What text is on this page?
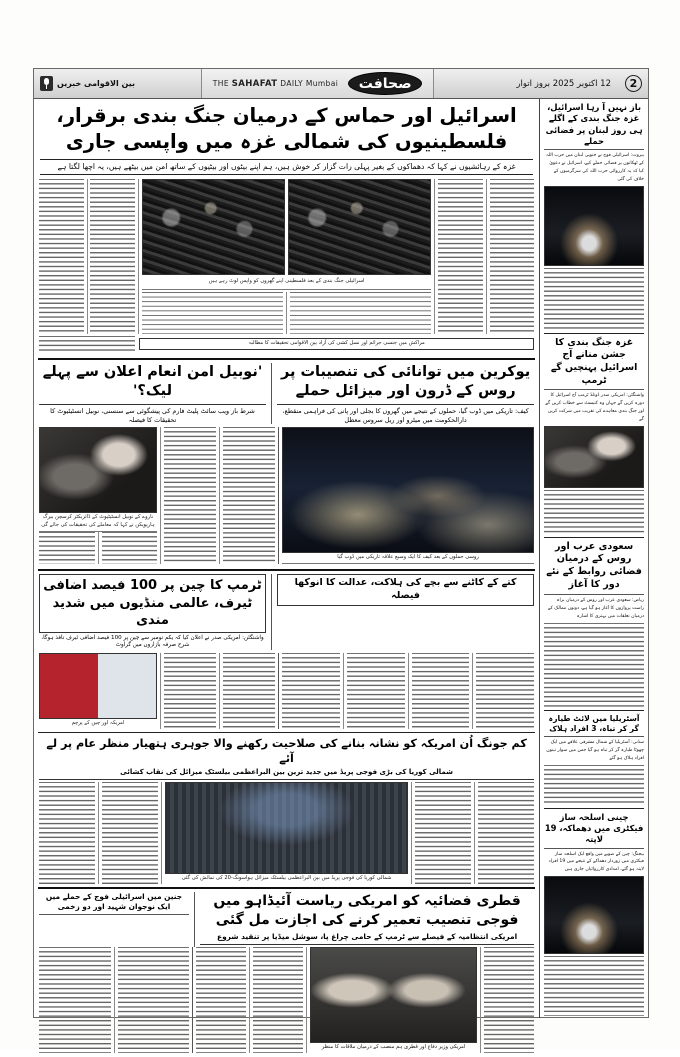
بین الاقوامی خبریں	THE SAHAFAT DAILY Mumbai	صحافت	12 اکتوبر 2025 بروز اتوار	2
اسرائیل اور حماس کے درمیان جنگ بندی برقرار، فلسطینیوں کی شمالی غزہ میں واپسی جاری
غزہ کے رہائشیوں نے کہا کہ دھماکوں کے بغیر پہلی رات گزار کر خوش ہیں، ہم اپنے بیٹوں اور بیٹیوں کے ساتھ امن میں بیٹھے ہیں، یہ اچھا لگتا ہے
اسرائیلی جنگ بندی کے بعد فلسطینی اپنے گھروں کو واپس لوٹ رہے ہیں
مراکش میں جنسی جرائم اور نسل کشی کی آزاد بین الاقوامی تحقیقات کا مطالبہ
'نوبیل امن انعام اعلان سے پہلے لیک؟'
شرط باز ویب سائٹ پلیٹ فارم کی پیشگوئی سے سنسنی، نوبیل انسٹیٹیوٹ کا تحقیقات کا فیصلہ
یوکرین میں توانائی کی تنصیبات پر روس کے ڈرون اور میزائل حملے
کیف: تاریکی میں ڈوب گیا، حملوں کے نتیجے میں گھروں کا بجلی اور پانی کی فراہمی منقطع، دارالحکومت میں میٹرو اور ریل سروس معطل
ناروے کے نوبیل انسٹیٹیوٹ کے ڈائریکٹر کرسچن بیرگ ہارپویکن نے کہا کہ معاملے کی تحقیقات کی جائے گی
روسی حملوں کے بعد کیف کا ایک وسیع علاقہ تاریکی میں ڈوب گیا
ٹرمپ کا چین پر 100 فیصد اضافی ٹیرف، عالمی منڈیوں میں شدید مندی
واشنگٹن: امریکی صدر نے اعلان کیا کہ یکم نومبر سے چین پر 100 فیصد اضافی ٹیرف نافذ ہوگا، شرح صرفہ بازاروں میں گراوٹ
کتے کے کاٹنے سے بچے کی ہلاکت، عدالت کا انوکھا فیصلہ
امریکہ اور چین کے پرچم
کم جونگ اُن امریکہ کو نشانہ بنانے کی صلاحیت رکھنے والا جوہری ہتھیار منظر عام پر لے آئے
شمالی کوریا کی بڑی فوجی پریڈ میں جدید ترین بین البراعظمی بیلسٹک میزائل کی نقاب کشائی
شمالی کوریا کی فوجی پریڈ میں بین البراعظمی بیلسٹک میزائل ہواسونگ-20 کی نمائش کی گئی
جنین میں اسرائیلی فوج کے حملے میں ایک نوجوان شہید اور دو زخمی	قطری فضائیہ کو امریکی ریاست آئیڈاہو میں فوجی تنصیب تعمیر کرنے کی اجازت مل گئی
امریکی انتظامیہ کے فیصلے سے ٹرمپ کے حامی چراغ پا، سوشل میڈیا پر تنقید شروع
امریکی وزیر دفاع اور قطری ہم منصب کے درمیان ملاقات کا منظر
باز نہیں آ رہا اسرائیل، غزہ جنگ بندی کے اگلے ہی روز لبنان پر فضائی حملے
بیروت: اسرائیلی فوج نے جنوبی لبنان میں حزب اللہ کے ٹھکانوں پر فضائی حملے کیے، اسرائیل نے دعویٰ کیا کہ یہ کارروائی حزب اللہ کی سرگرمیوں کے خلاف کی گئی
غزہ جنگ بندی کا جشن منانے آج اسرائیل پہنچیں گے ٹرمپ
واشنگٹن: امریکی صدر ڈونلڈ ٹرمپ آج اسرائیل کا دورہ کریں گے جہاں وہ کنیسٹ سے خطاب کریں گے اور جنگ بندی معاہدے کی تقریب میں شرکت کریں گے
سعودی عرب اور روس کے درمیان فضائی روابط کے نئے دور کا آغاز
ریاض: سعودی عرب اور روس کے درمیان براہ راست پروازوں کا آغاز ہو گیا ہے، دونوں ممالک کے درمیان تعلقات میں بہتری کا اشارہ
آسٹریلیا میں لائٹ طیارہ گر کر تباہ، 3 افراد ہلاک
سڈنی: آسٹریلیا کے شمال مشرقی علاقے میں ایک چھوٹا طیارہ گر کر تباہ ہو گیا جس میں سوار تینوں افراد ہلاک ہو گئے
چینی اسلحہ ساز فیکٹری میں دھماکہ، 19 لاپتہ
بیجنگ: چین کے صوبے میں واقع ایک اسلحہ ساز فیکٹری میں زوردار دھماکے کے نتیجے میں 19 افراد لاپتہ ہو گئے، امدادی کارروائیاں جاری ہیں
